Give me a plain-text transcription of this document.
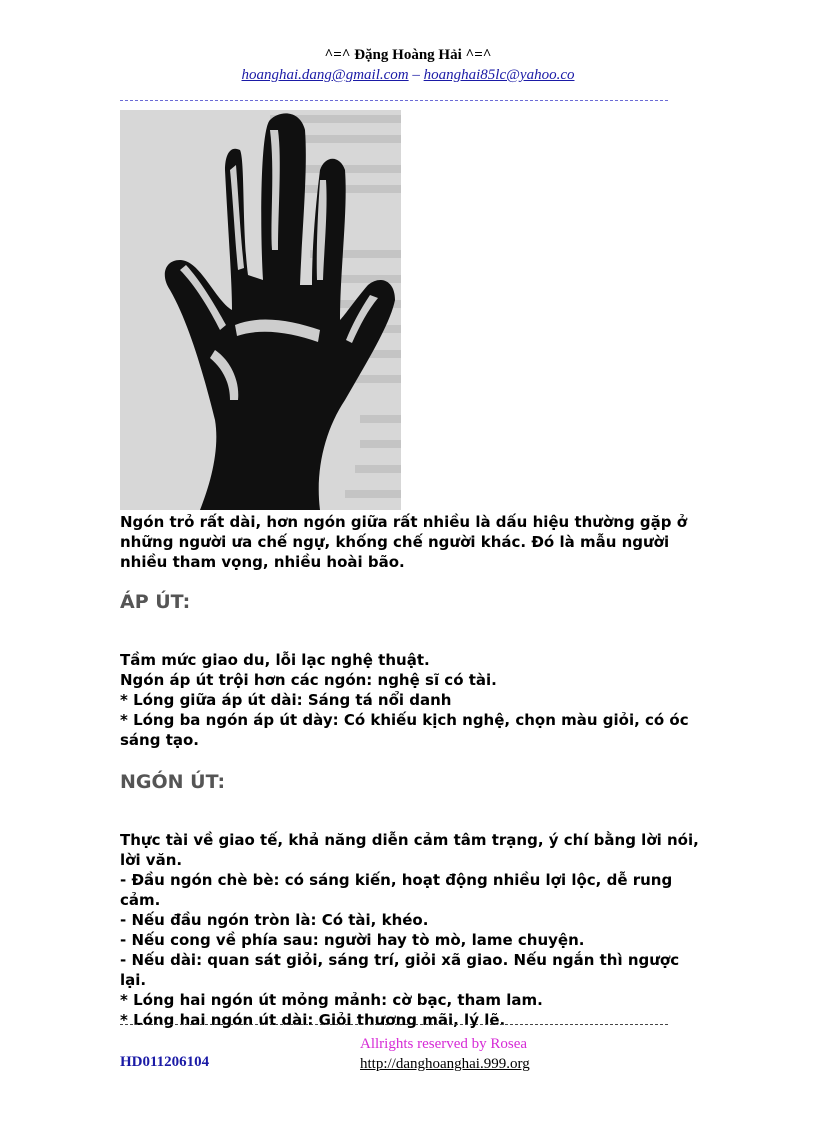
^=^ Đặng Hoàng Hải ^=^
hoanghai.dang@gmail.com – hoanghai85lc@yahoo.co

Ngón trỏ rất dài, hơn ngón giữa rất nhiều là dấu hiệu thường gặp ở những người ưa chế ngự, khống chế người khác. Đó là mẫu người nhiều tham vọng, nhiều hoài bão.

ÁP ÚT:

Tầm mức giao du, lỗi lạc nghệ thuật.

Ngón áp út trội hơn các ngón: nghệ sĩ có tài.

* Lóng giữa áp út dài: Sáng tá nổi danh

* Lóng ba ngón áp út dày: Có khiếu kịch nghệ, chọn màu giỏi, có óc sáng tạo.

NGÓN ÚT:

Thực tài về giao tế, khả năng diễn cảm tâm trạng, ý chí bằng lời nói, lời văn.

- Đầu ngón chè bè: có sáng kiến, hoạt động nhiều lợi lộc, dễ rung cảm.

- Nếu đầu ngón tròn là: Có tài, khéo.

- Nếu cong về phía sau: người hay tò mò, lame chuyện.

- Nếu dài: quan sát giỏi, sáng trí, giỏi xã giao. Nếu ngắn thì ngược lại.

* Lóng hai ngón út mỏng mảnh: cờ bạc, tham lam.

* Lóng hai ngón út dài: Giỏi thương mãi, lý lẽ.

HD011206104
Allrights reserved by Rosea
http://danghoanghai.999.org
